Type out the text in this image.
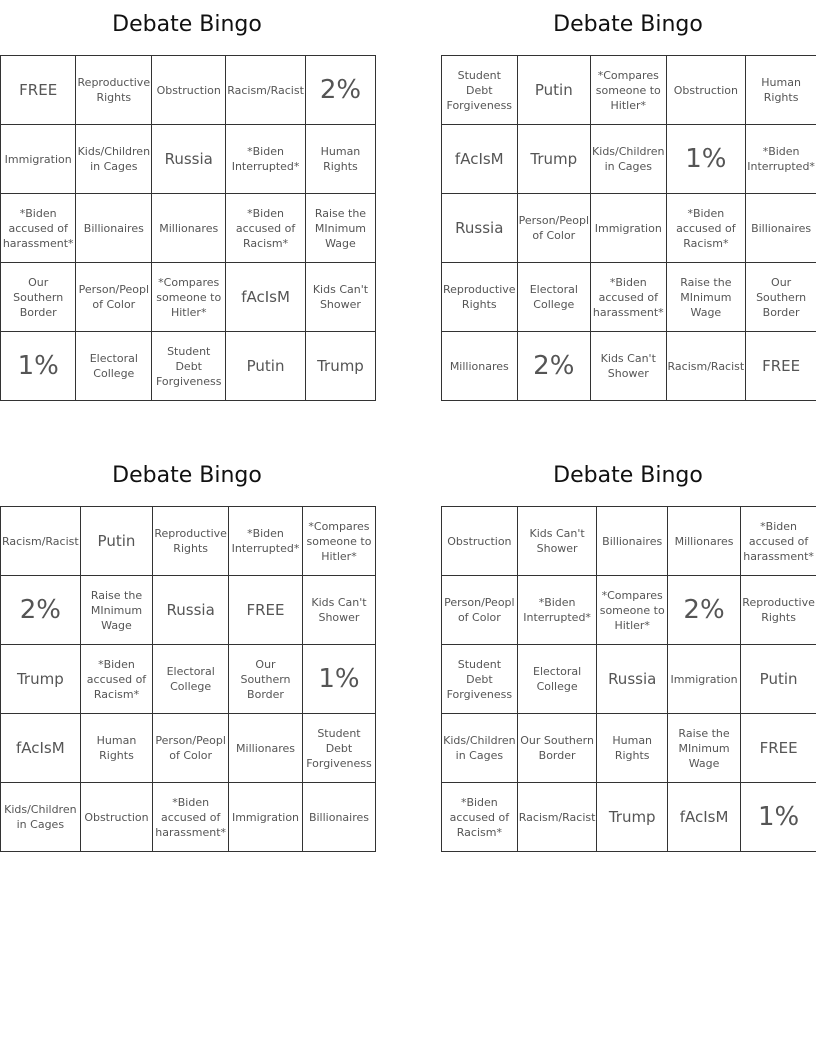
Debate Bingo
FREE	Reproductive Rights	Obstruction	Racism/Racist	2%
Immigration	Kids/Children in Cages	Russia	*Biden Interrupted*	Human Rights
*Biden accused of harassment*	Billionaires	Millionares	*Biden accused of Racism*	Raise the MInimum Wage
Our Southern Border	Person/Peopl of Color	*Compares someone to Hitler*	fAcIsM	Kids Can't Shower
1%	Electoral College	Student Debt Forgiveness	Putin	Trump
Debate Bingo
Student Debt Forgiveness	Putin	*Compares someone to Hitler*	Obstruction	Human Rights
fAcIsM	Trump	Kids/Children in Cages	1%	*Biden Interrupted*
Russia	Person/Peopl of Color	Immigration	*Biden accused of Racism*	Billionaires
Reproductive Rights	Electoral College	*Biden accused of harassment*	Raise the MInimum Wage	Our Southern Border
Millionares	2%	Kids Can't Shower	Racism/Racist	FREE
Debate Bingo
Racism/Racist	Putin	Reproductive Rights	*Biden Interrupted*	*Compares someone to Hitler*
2%	Raise the MInimum Wage	Russia	FREE	Kids Can't Shower
Trump	*Biden accused of Racism*	Electoral College	Our Southern Border	1%
fAcIsM	Human Rights	Person/Peopl of Color	Millionares	Student Debt Forgiveness
Kids/Children in Cages	Obstruction	*Biden accused of harassment*	Immigration	Billionaires
Debate Bingo
Obstruction	Kids Can't Shower	Billionaires	Millionares	*Biden accused of harassment*
Person/Peopl of Color	*Biden Interrupted*	*Compares someone to Hitler*	2%	Reproductive Rights
Student Debt Forgiveness	Electoral College	Russia	Immigration	Putin
Kids/Children in Cages	Our Southern Border	Human Rights	Raise the MInimum Wage	FREE
*Biden accused of Racism*	Racism/Racist	Trump	fAcIsM	1%
